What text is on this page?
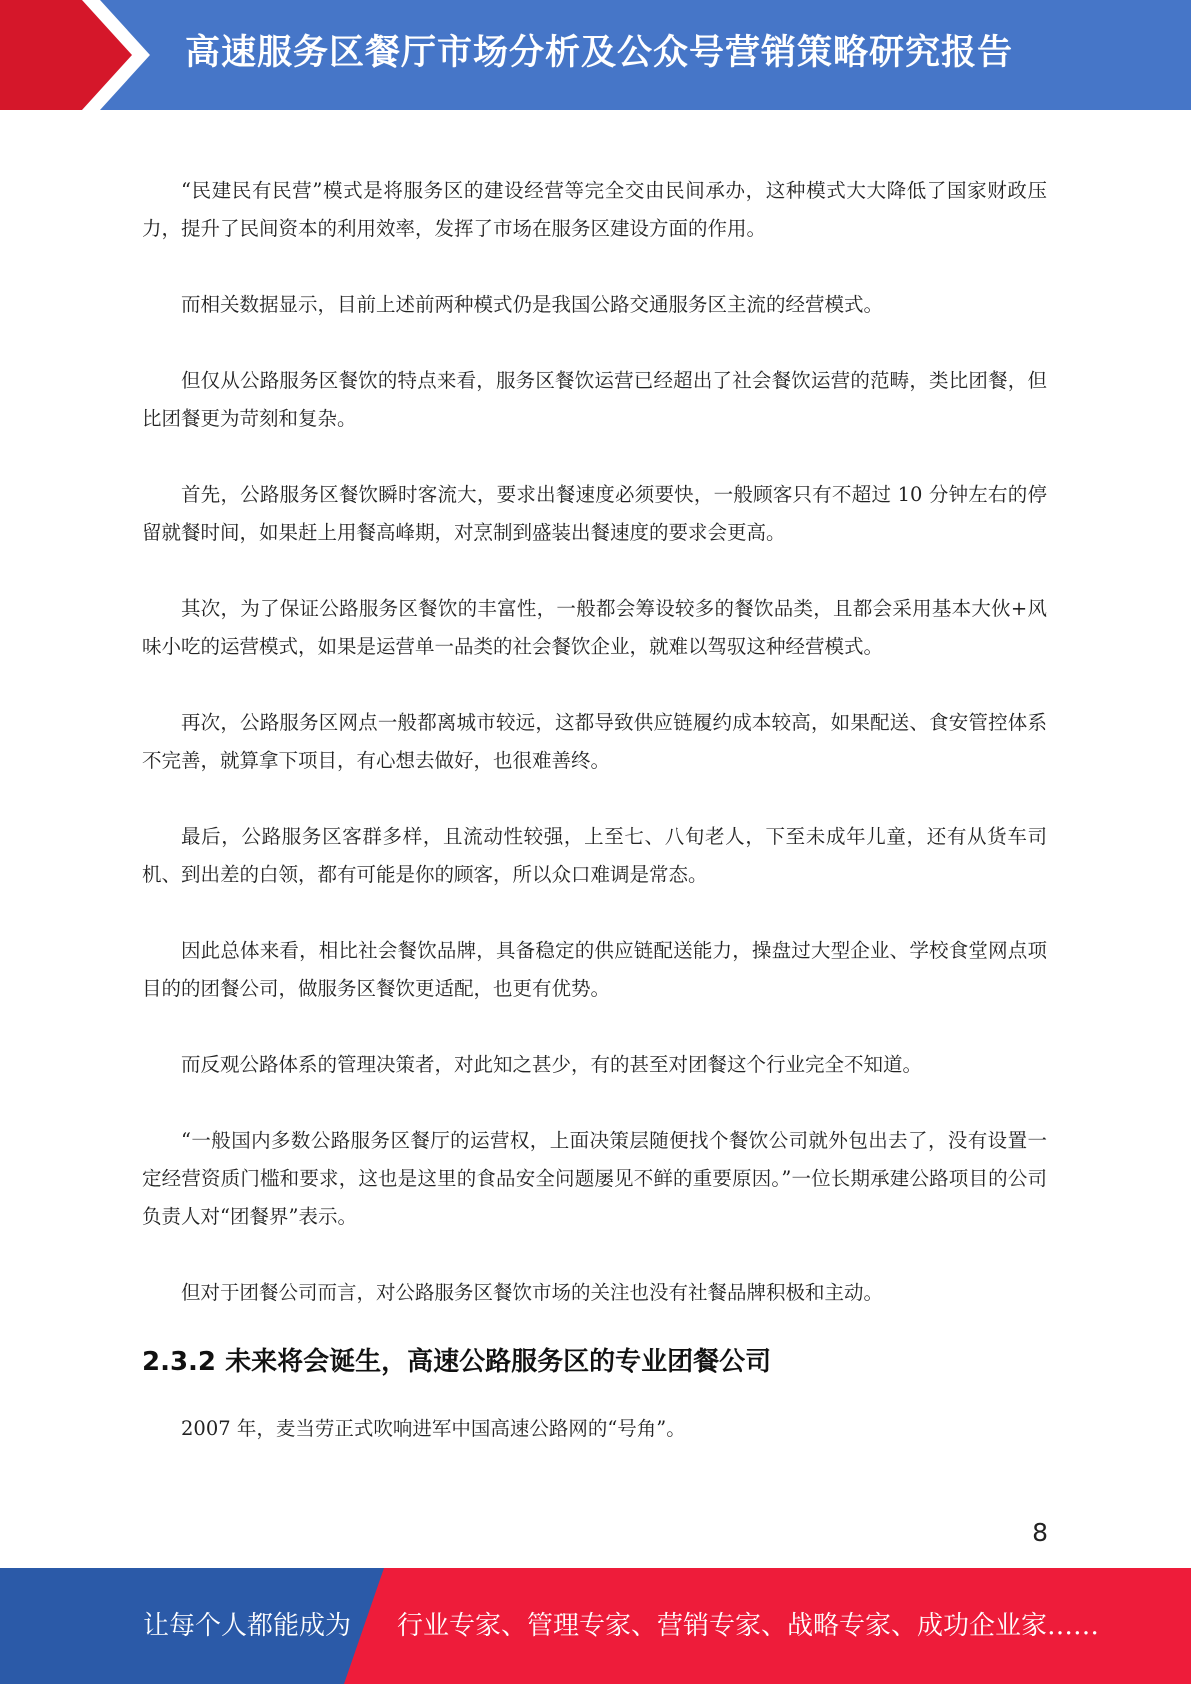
高速服务区餐厅市场分析及公众号营销策略研究报告

“民建民有民营”模式是将服务区的建设经营等完全交由民间承办，这种模式大大降低了国家财政压力，提升了民间资本的利用效率，发挥了市场在服务区建设方面的作用。

而相关数据显示，目前上述前两种模式仍是我国公路交通服务区主流的经营模式。

但仅从公路服务区餐饮的特点来看，服务区餐饮运营已经超出了社会餐饮运营的范畴，类比团餐，但比团餐更为苛刻和复杂。

首先，公路服务区餐饮瞬时客流大，要求出餐速度必须要快，一般顾客只有不超过 10 分钟左右的停留就餐时间，如果赶上用餐高峰期，对烹制到盛装出餐速度的要求会更高。

其次，为了保证公路服务区餐饮的丰富性，一般都会筹设较多的餐饮品类，且都会采用基本大伙+风味小吃的运营模式，如果是运营单一品类的社会餐饮企业，就难以驾驭这种经营模式。

再次，公路服务区网点一般都离城市较远，这都导致供应链履约成本较高，如果配送、食安管控体系不完善，就算拿下项目，有心想去做好，也很难善终。

最后，公路服务区客群多样，且流动性较强，上至七、八旬老人，下至未成年儿童，还有从货车司机、到出差的白领，都有可能是你的顾客，所以众口难调是常态。

因此总体来看，相比社会餐饮品牌，具备稳定的供应链配送能力，操盘过大型企业、学校食堂网点项目的的团餐公司，做服务区餐饮更适配，也更有优势。

而反观公路体系的管理决策者，对此知之甚少，有的甚至对团餐这个行业完全不知道。

“一般国内多数公路服务区餐厅的运营权，上面决策层随便找个餐饮公司就外包出去了，没有设置一定经营资质门槛和要求，这也是这里的食品安全问题屡见不鲜的重要原因。”一位长期承建公路项目的公司负责人对“团餐界”表示。

但对于团餐公司而言，对公路服务区餐饮市场的关注也没有社餐品牌积极和主动。

2.3.2 未来将会诞生，高速公路服务区的专业团餐公司

2007 年，麦当劳正式吹响进军中国高速公路网的“号角”。

8
让每个人都能成为 行业专家、管理专家、营销专家、战略专家、成功企业家……
